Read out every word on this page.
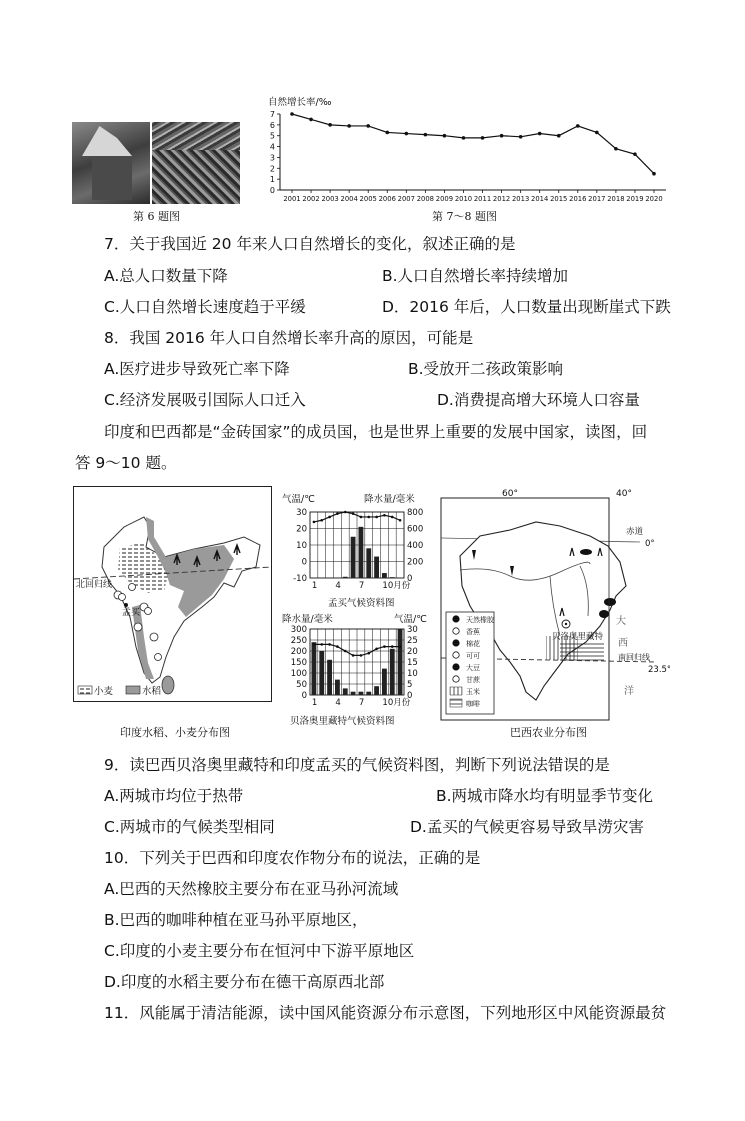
第 6 题图
自然增长率/‰
0
1
2
3
4
5
6
7
2001 2002 2003 2004 2005 2006 2007 2008 2009 2010 2011 2012 2013 2014 2015 2016 2017 2018 2019 2020
第 7～8 题图
7．关于我国近 20 年来人口自然增长的变化，叙述正确的是
A.总人口数量下降	B.人口自然增长率持续增加
C.人口自然增长速度趋于平缓	D．2016 年后，人口数量出现断崖式下跌
8．我国 2016 年人口自然增长率升高的原因，可能是
A.医疗进步导致死亡率下降	B.受放开二孩政策影响
C.经济发展吸引国际人口迁入	D.消费提高增大环境人口容量
印度和巴西都是“金砖国家”的成员国，也是世界上重要的发展中国家，读图，回
答 9～10 题。
北回归线
孟买
小麦	水稻
印度水稻、小麦分布图
气温/℃	降水量/毫米
30
20
10
0
-10
800
600
400
200
0
1 4 7 10月份
孟买气候资料图
降水量/毫米	气温/℃
300
250
200
150
100
50
0
30
25
20
15
10
5
0
1 4 7 10月份
贝洛奥里藏特气候资料图
60°	40°
赤道
0°
贝洛奥里藏特
南回归线
23.5°
大
西
洋
天然橡胶
香蕉
棉花
可可
大豆
甘蔗
玉米
咖啡
巴西农业分布图
9．读巴西贝洛奥里藏特和印度孟买的气候资料图，判断下列说法错误的是
A.两城市均位于热带	B.两城市降水均有明显季节变化
C.两城市的气候类型相同	D.孟买的气候更容易导致旱涝灾害
10．下列关于巴西和印度农作物分布的说法，正确的是
A.巴西的天然橡胶主要分布在亚马孙河流域
B.巴西的咖啡种植在亚马孙平原地区，
C.印度的小麦主要分布在恒河中下游平原地区
D.印度的水稻主要分布在德干高原西北部
11．风能属于清洁能源，读中国风能资源分布示意图，下列地形区中风能资源最贫
